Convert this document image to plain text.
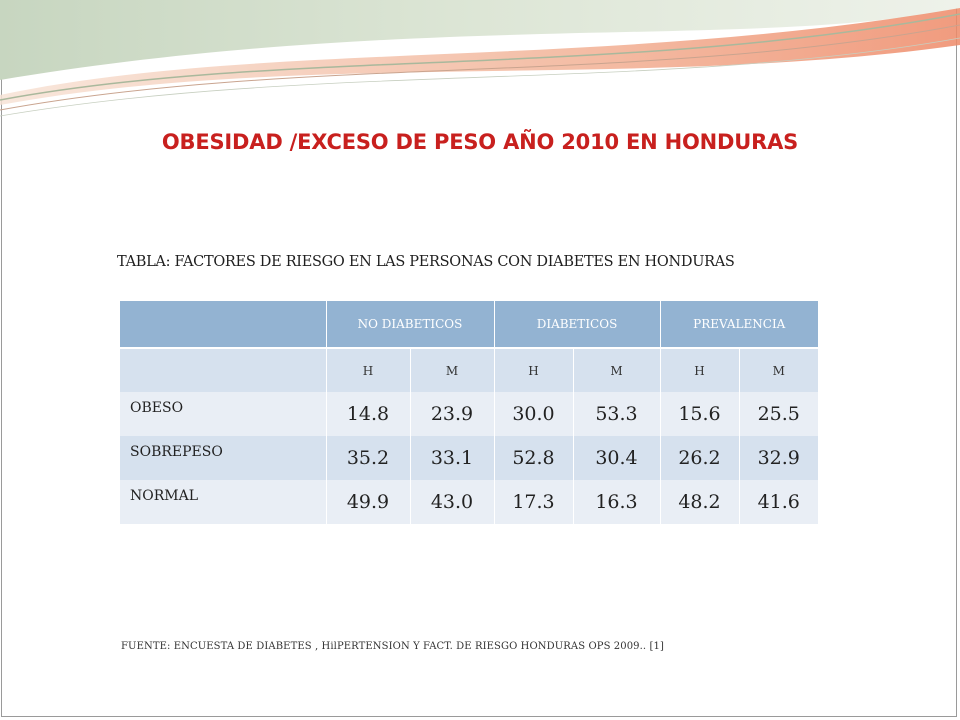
OBESIDAD /EXCESO DE PESO AÑO 2010 EN HONDURAS
TABLA: FACTORES DE RIESGO EN LAS PERSONAS CON DIABETES EN HONDURAS
	NO DIABETICOS		DIABETICOS		PREVALENCIA	
	H	M	H	M	H	M
OBESO	14.8	23.9	30.0	53.3	15.6	25.5
SOBREPESO	35.2	33.1	52.8	30.4	26.2	32.9
NORMAL	49.9	43.0	17.3	16.3	48.2	41.6
FUENTE: ENCUESTA DE DIABETES , HilPERTENSION Y FACT. DE RIESGO HONDURAS OPS 2009.. [1]
